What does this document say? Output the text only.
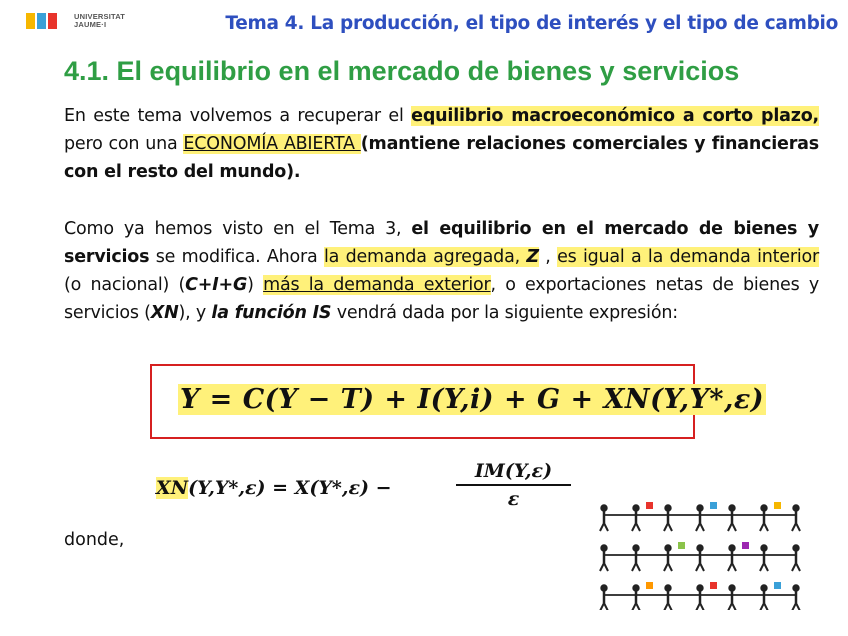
UNIVERSITAT
JAUME·I	Tema 4. La producción, el tipo de interés y el tipo de cambio
4.1. El equilibrio en el mercado de bienes y servicios
En este tema volvemos a recuperar el equilibrio macroeconómico a corto plazo, pero con una ECONOMÍA ABIERTA (mantiene relaciones comerciales y financieras con el resto del mundo).
Como ya hemos visto en el Tema 3, el equilibrio en el mercado de bienes y servicios se modifica. Ahora la demanda agregada, Z , es igual a la demanda interior (o nacional) (C+I+G) más la demanda exterior, o exportaciones netas de bienes y servicios (XN), y la función IS vendrá dada por la siguiente expresión:
Y = C(Y − T) + I(Y,i) + G + XN(Y,Y*,ε)
XN(Y,Y*,ε) = X(Y*,ε) −	$\frac{IM(Y,\varepsilon)}{\varepsilon}$
donde,
